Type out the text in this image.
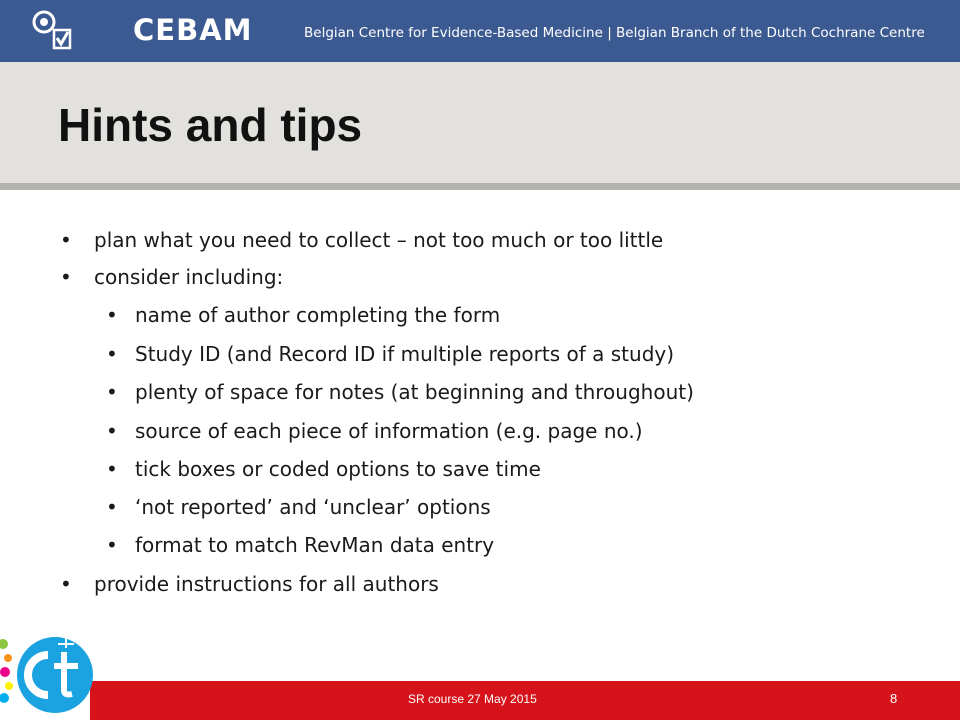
CEBAM	Belgian Centre for Evidence-Based Medicine | Belgian Branch of the Dutch Cochrane Centre
Hints and tips
• plan what you need to collect – not too much or too little
• consider including:
• name of author completing the form
• Study ID (and Record ID if multiple reports of a study)
• plenty of space for notes (at beginning and throughout)
• source of each piece of information (e.g. page no.)
• tick boxes or coded options to save time
• ‘not reported’ and ‘unclear’ options
• format to match RevMan data entry
• provide instructions for all authors
SR course 27 May 2015	8
